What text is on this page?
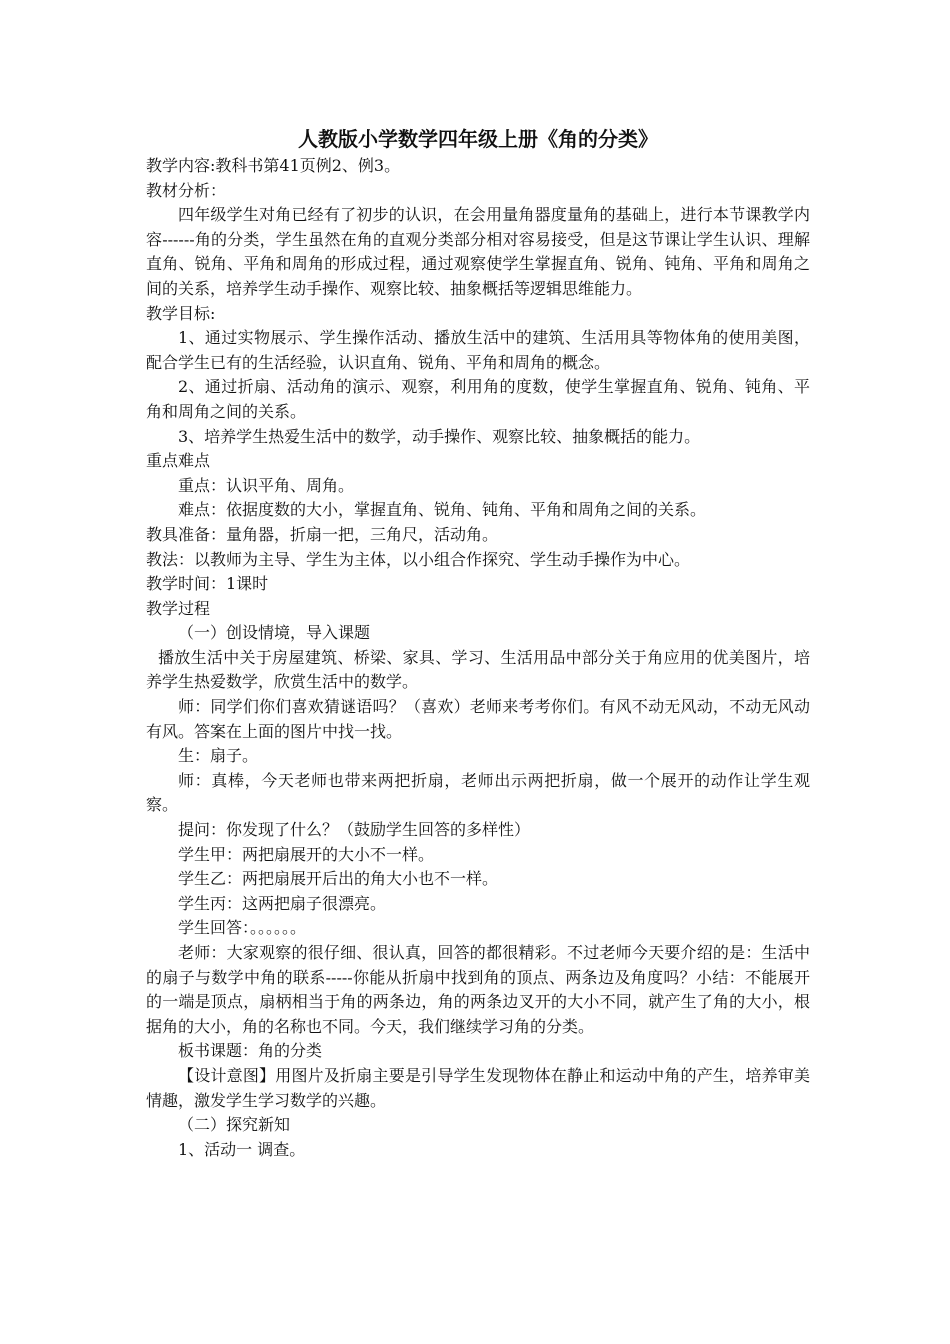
人教版小学数学四年级上册《角的分类》

教学内容:教科书第41页例2、例3。

教材分析：

四年级学生对角已经有了初步的认识，在会用量角器度量角的基础上，进行本节课教学内容------角的分类，学生虽然在角的直观分类部分相对容易接受，但是这节课让学生认识、理解直角、锐角、平角和周角的形成过程，通过观察使学生掌握直角、锐角、钝角、平角和周角之间的关系，培养学生动手操作、观察比较、抽象概括等逻辑思维能力。

教学目标:

1、通过实物展示、学生操作活动、播放生活中的建筑、生活用具等物体角的使用美图，配合学生已有的生活经验，认识直角、锐角、平角和周角的概念。

2、通过折扇、活动角的演示、观察，利用角的度数，使学生掌握直角、锐角、钝角、平角和周角之间的关系。

3、培养学生热爱生活中的数学，动手操作、观察比较、抽象概括的能力。

重点难点

重点：认识平角、周角。

难点：依据度数的大小，掌握直角、锐角、钝角、平角和周角之间的关系。

教具准备：量角器，折扇一把，三角尺，活动角。

教法：以教师为主导、学生为主体，以小组合作探究、学生动手操作为中心。

教学时间：1课时

教学过程

（一）创设情境，导入课题

播放生活中关于房屋建筑、桥梁、家具、学习、生活用品中部分关于角应用的优美图片，培养学生热爱数学，欣赏生活中的数学。

师：同学们你们喜欢猜谜语吗？（喜欢）老师来考考你们。有风不动无风动，不动无风动有风。答案在上面的图片中找一找。

生：扇子。

师：真棒，今天老师也带来两把折扇，老师出示两把折扇，做一个展开的动作让学生观察。

提问：你发现了什么？（鼓励学生回答的多样性）

学生甲：两把扇展开的大小不一样。

学生乙：两把扇展开后出的角大小也不一样。

学生丙：这两把扇子很漂亮。

学生回答：。。。。。。

老师：大家观察的很仔细、很认真，回答的都很精彩。不过老师今天要介绍的是：生活中的扇子与数学中角的联系-----你能从折扇中找到角的顶点、两条边及角度吗？小结：不能展开的一端是顶点，扇柄相当于角的两条边，角的两条边叉开的大小不同，就产生了角的大小，根据角的大小，角的名称也不同。今天，我们继续学习角的分类。

板书课题：角的分类

【设计意图】用图片及折扇主要是引导学生发现物体在静止和运动中角的产生，培养审美情趣，激发学生学习数学的兴趣。

（二）探究新知

1、活动一 调查。
